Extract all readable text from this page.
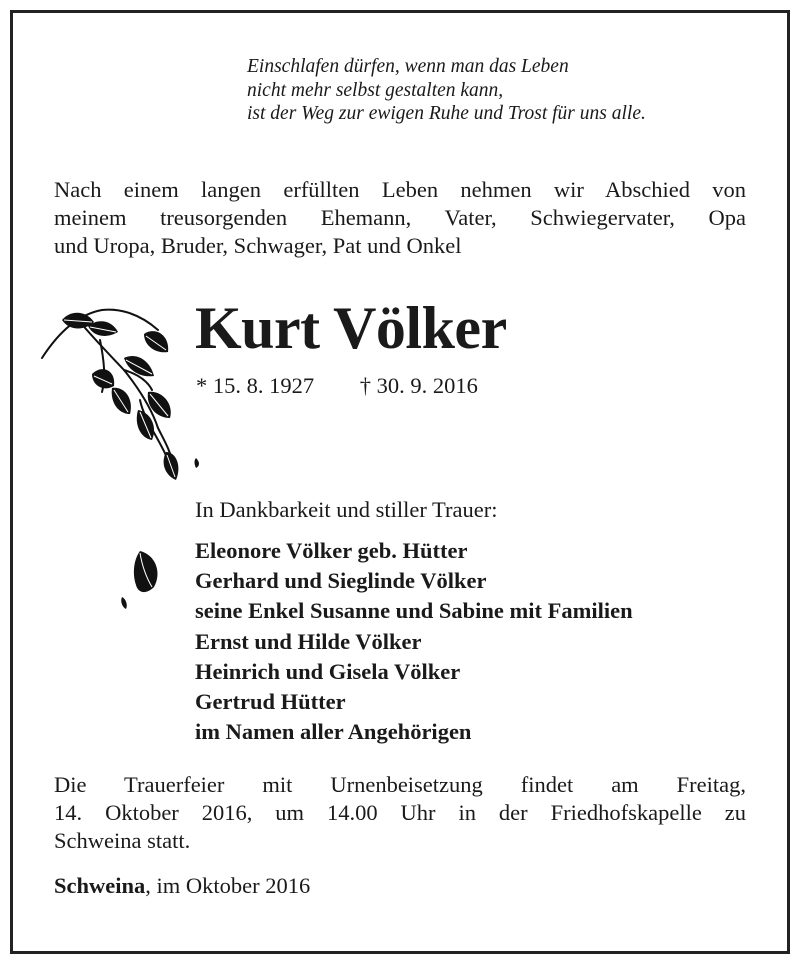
Einschlafen dürfen, wenn man das Leben
nicht mehr selbst gestalten kann,
ist der Weg zur ewigen Ruhe und Trost für uns alle.
Nach einem langen erfüllten Leben nehmen wir Abschied von
meinem treusorgenden Ehemann, Vater, Schwiegervater, Opa
und Uropa, Bruder, Schwager, Pat und Onkel
Kurt Völker
* 15. 8. 1927 † 30. 9. 2016
In Dankbarkeit und stiller Trauer:
Eleonore Völker geb. Hütter
Gerhard und Sieglinde Völker
seine Enkel Susanne und Sabine mit Familien
Ernst und Hilde Völker
Heinrich und Gisela Völker
Gertrud Hütter
im Namen aller Angehörigen
Die Trauerfeier mit Urnenbeisetzung findet am Freitag,
14. Oktober 2016, um 14.00 Uhr in der Friedhofskapelle zu
Schweina statt.
Schweina, im Oktober 2016
